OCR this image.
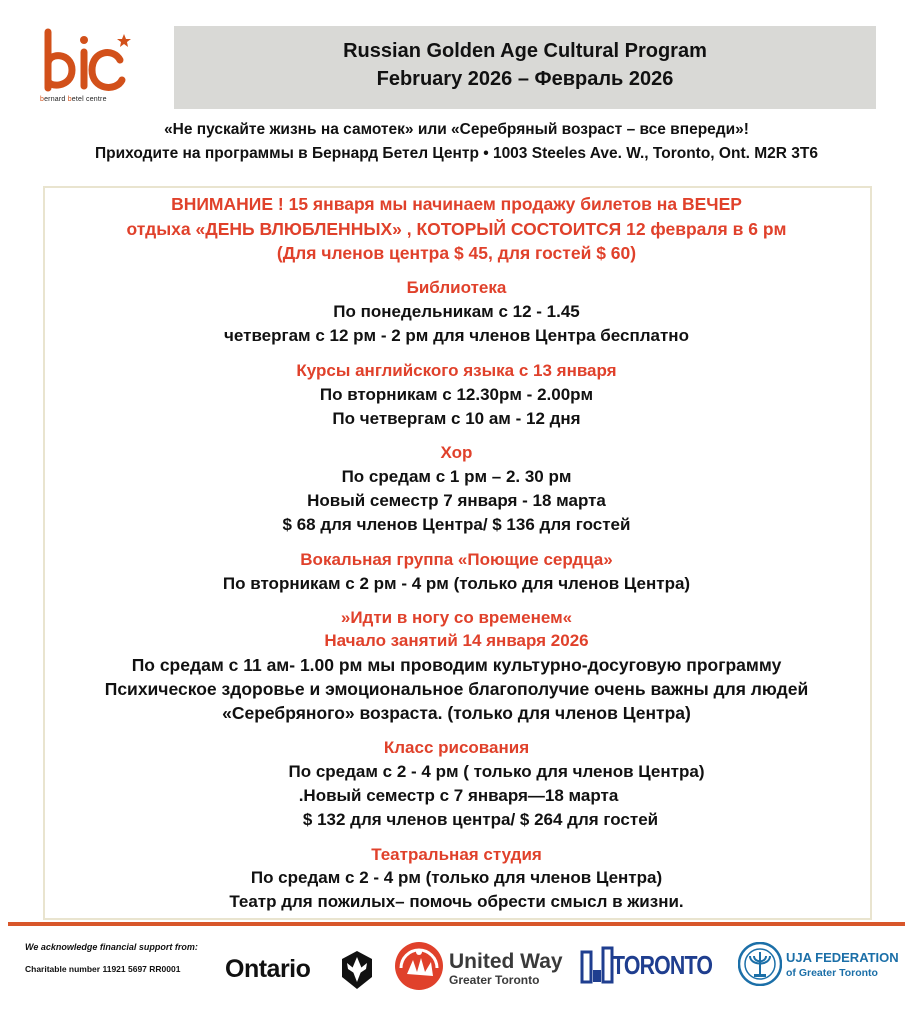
bernard betel centre
Russian Golden Age Cultural Program
February 2026 – Февраль 2026
«Не пускайте жизнь на самотек» или «Серебряный возраст – все впереди»!
Приходите на программы в Бернард Бетел Центр • 1003 Steeles Ave. W., Toronto, Ont. M2R 3T6
ВНИМАНИЕ ! 15 января мы начинаем продажу билетов на ВЕЧЕР
отдыха «ДЕНЬ ВЛЮБЛЕННЫХ» , КОТОРЫЙ СОСТОИТСЯ 12 февраля в 6 pм
(Для членов центра $ 45, для гостей $ 60)
Библиотека
По понедельникам с 12 - 1.45
четвергам с 12 pм - 2 pм для членов Центра бесплатно
Курсы английского языка с 13 января
По вторникам с 12.30pм - 2.00pм
По четвергам с 10 aм - 12 дня
Хор
По средам с 1 pм – 2. 30 pм
Новый семестр 7 января - 18 марта
$ 68 для членов Центра/ $ 136 для гостей
Вокальная группа «Поющие сердца»
По вторникам с 2 pм - 4 pм (только для членов Центра)
»Идти в ногу со временем«
Начало занятий 14 января 2026
По средам с 11 ам- 1.00 pм мы проводим культурно-досуговую программу
Психическое здоровье и эмоциональное благополучие очень важны для людей
«Серебряного» возраста. (только для членов Центра)
Класс рисования
По средам с 2 - 4 pм ( только для членов Центра)
.Новый семестр с 7 января—18 марта
$ 132 для членов центра/ $ 264 для гостей
Театральная студия
По средам с 2 - 4 pм (только для членов Центра)
Театр для пожилых– помочь обрести смысл в жизни.
We acknowledge financial support from:
Charitable number 11921 5697 RR0001 Ontario	United Way
Greater Toronto	TORONTO	UJA FEDERATION
of Greater Toronto
